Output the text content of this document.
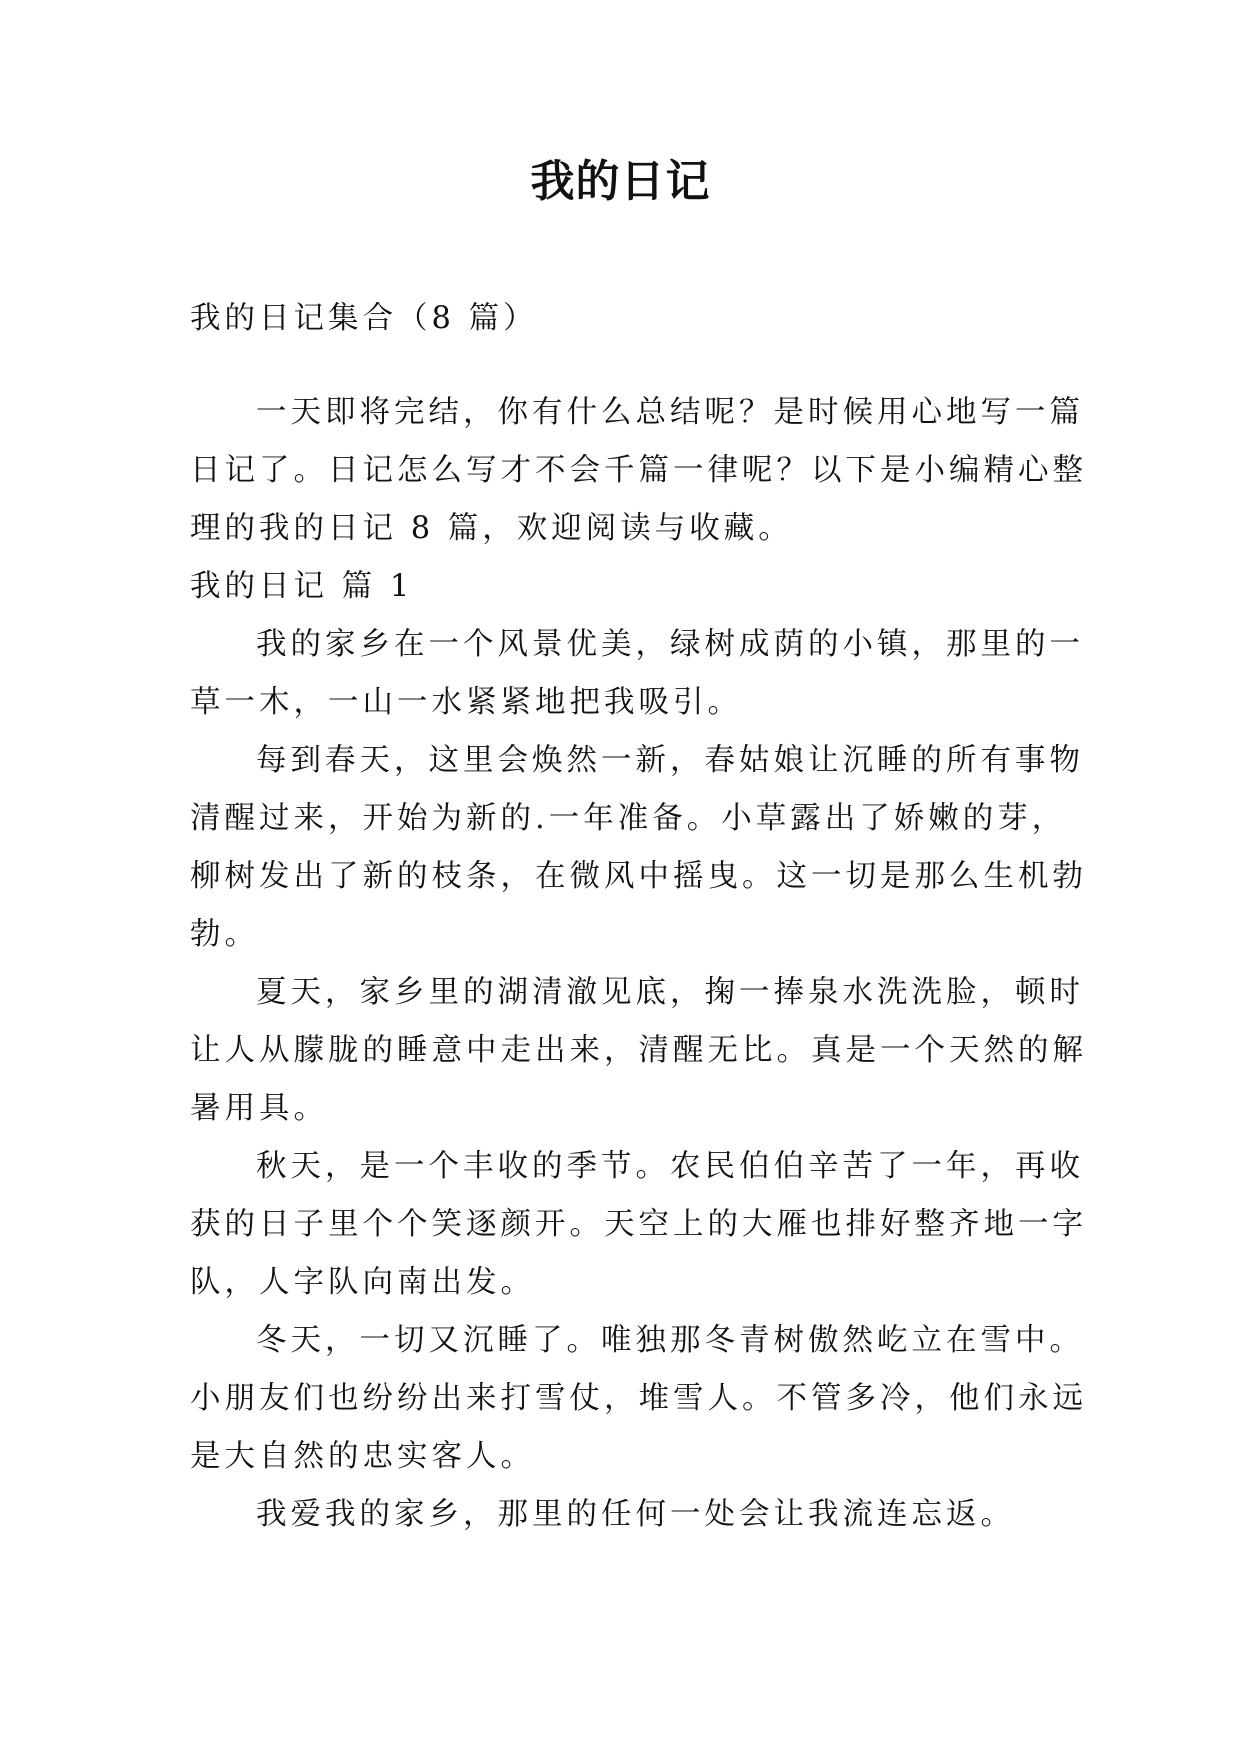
我的日记
我的日记集合（8 篇）
一天即将完结，你有什么总结呢？是时候用心地写一篇
日记了。日记怎么写才不会千篇一律呢？以下是小编精心整
理的我的日记 8 篇，欢迎阅读与收藏。
我的日记 篇 1
我的家乡在一个风景优美，绿树成荫的小镇，那里的一
草一木，一山一水紧紧地把我吸引。
每到春天，这里会焕然一新，春姑娘让沉睡的所有事物
清醒过来，开始为新的.一年准备。小草露出了娇嫩的芽，
柳树发出了新的枝条，在微风中摇曳。这一切是那么生机勃
勃。
夏天，家乡里的湖清澈见底，掬一捧泉水洗洗脸，顿时
让人从朦胧的睡意中走出来，清醒无比。真是一个天然的解
暑用具。
秋天，是一个丰收的季节。农民伯伯辛苦了一年，再收
获的日子里个个笑逐颜开。天空上的大雁也排好整齐地一字
队，人字队向南出发。
冬天，一切又沉睡了。唯独那冬青树傲然屹立在雪中。
小朋友们也纷纷出来打雪仗，堆雪人。不管多冷，他们永远
是大自然的忠实客人。
我爱我的家乡，那里的任何一处会让我流连忘返。
